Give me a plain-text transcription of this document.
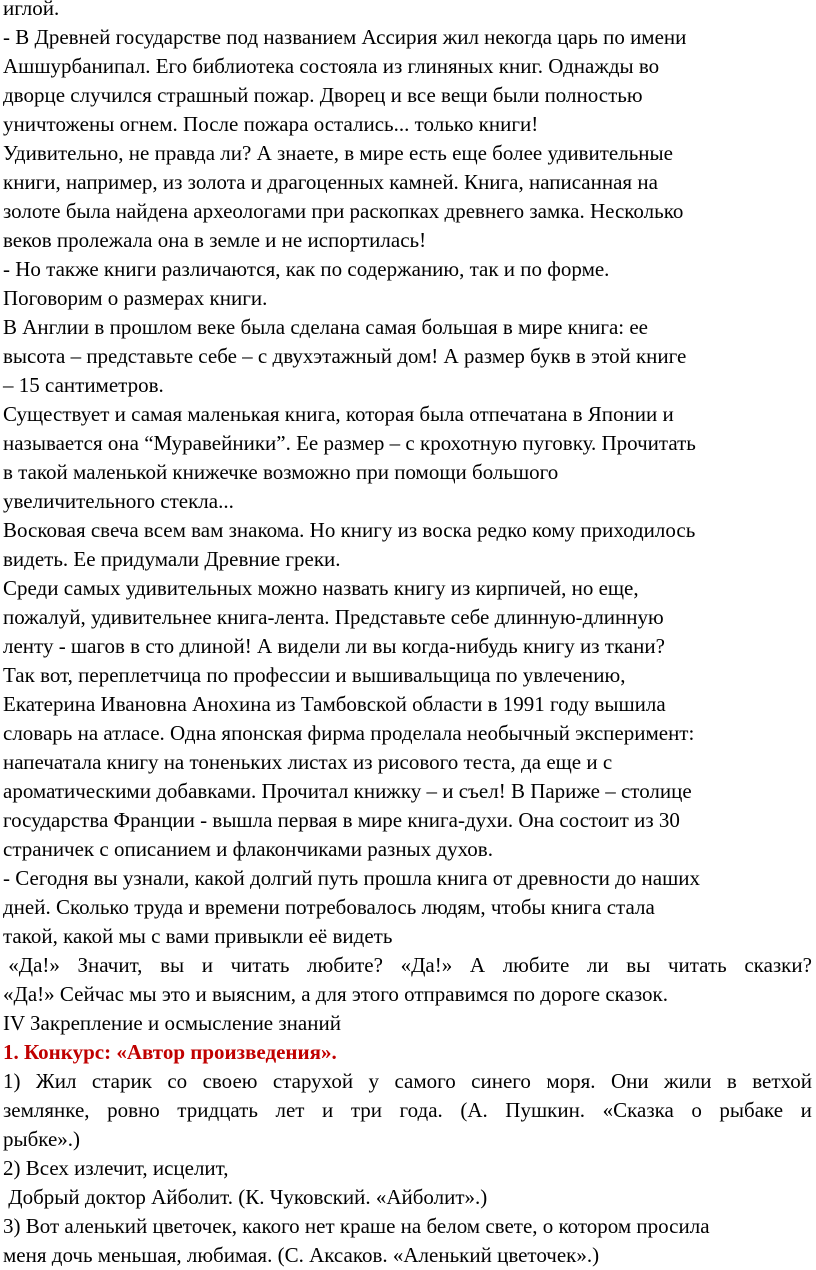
иглой.
- В Древней государстве под названием Ассирия жил некогда царь по имени
Ашшурбанипал. Его библиотека состояла из глиняных книг. Однажды во
дворце случился страшный пожар. Дворец и все вещи были полностью
уничтожены огнем. После пожара остались... только книги!
Удивительно, не правда ли? А знаете, в мире есть еще более удивительные
книги, например, из золота и драгоценных камней. Книга, написанная на
золоте была найдена археологами при раскопках древнего замка. Несколько
веков пролежала она в земле и не испортилась!
- Но также книги различаются, как по содержанию, так и по форме.
Поговорим о размерах книги.
В Англии в прошлом веке была сделана самая большая в мире книга: ее
высота – представьте себе – с двухэтажный дом! А размер букв в этой книге
– 15 сантиметров.
Существует и самая маленькая книга, которая была отпечатана в Японии и
называется она “Муравейники”. Ее размер – с крохотную пуговку. Прочитать
в такой маленькой книжечке возможно при помощи большого
увеличительного стекла...
Восковая свеча всем вам знакома. Но книгу из воска редко кому приходилось
видеть. Ее придумали Древние греки.
Среди самых удивительных можно назвать книгу из кирпичей, но еще,
пожалуй, удивительнее книга-лента. Представьте себе длинную-длинную
ленту - шагов в сто длиной! А видели ли вы когда-нибудь книгу из ткани?
Так вот, переплетчица по профессии и вышивальщица по увлечению,
Екатерина Ивановна Анохина из Тамбовской области в 1991 году вышила
словарь на атласе. Одна японская фирма проделала необычный эксперимент:
напечатала книгу на тоненьких листах из рисового теста, да еще и с
ароматическими добавками. Прочитал книжку – и съел! В Париже – столице
государства Франции - вышла первая в мире книга-духи. Она состоит из 30
страничек с описанием и флакончиками разных духов.
- Сегодня вы узнали, какой долгий путь прошла книга от древности до наших
дней. Сколько труда и времени потребовалось людям, чтобы книга стала
такой, какой мы с вами привыкли её видеть
«Да!» Значит, вы и читать любите? «Да!» А любите ли вы читать сказки?
«Да!» Сейчас мы это и выясним, а для этого отправимся по дороге сказок.
IV Закрепление и осмысление знаний
1. Конкурс: «Автор произведения».
1) Жил старик со своею старухой у самого синего моря. Они жили в ветхой
землянке, ровно тридцать лет и три года. (А. Пушкин. «Сказка о рыбаке и
рыбке».)
2) Всех излечит, исцелит,
Добрый доктор Айболит. (К. Чуковский. «Айболит».)
3) Вот аленький цветочек, какого нет краше на белом свете, о котором просила
меня дочь меньшая, любимая. (С. Аксаков. «Аленький цветочек».)
